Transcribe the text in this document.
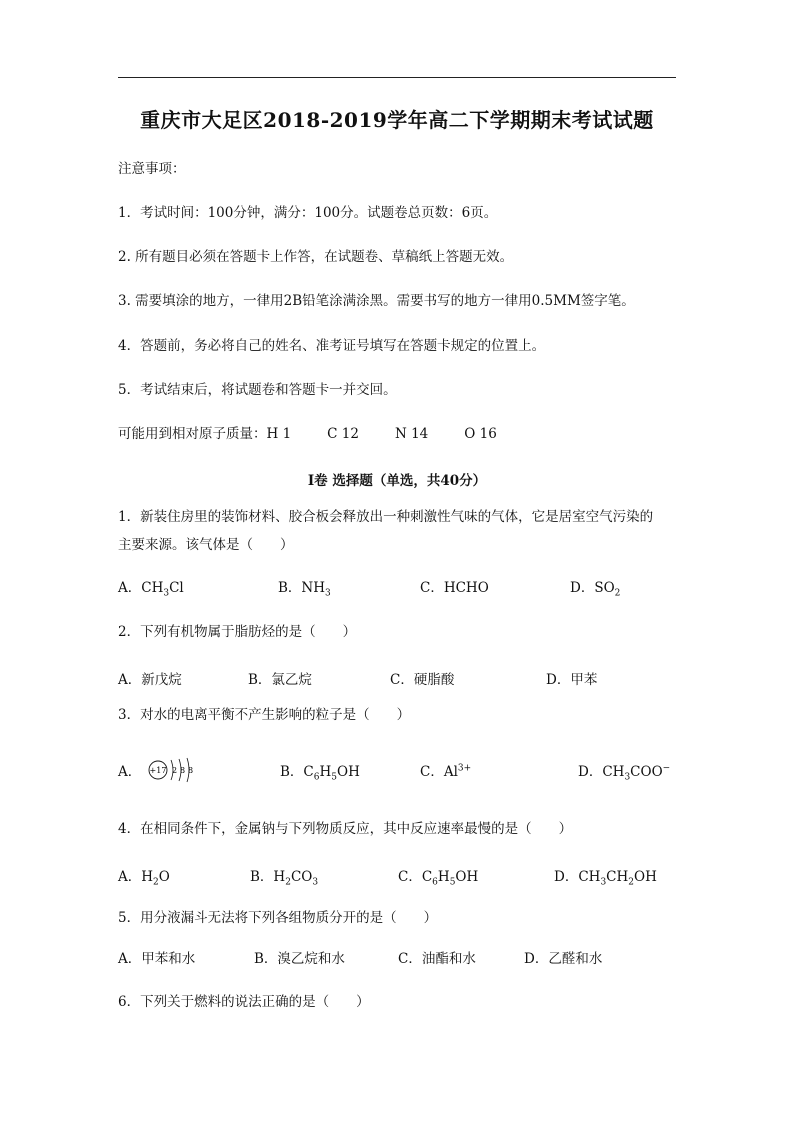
重庆市大足区2018-2019学年高二下学期期末考试试题
注意事项：
1．考试时间：100分钟，满分：100分。试题卷总页数：6页。
2. 所有题目必须在答题卡上作答，在试题卷、草稿纸上答题无效。
3. 需要填涂的地方，一律用2B铅笔涂满涂黑。需要书写的地方一律用0.5MM签字笔。
4．答题前，务必将自己的姓名、准考证号填写在答题卡规定的位置上。
5．考试结束后，将试题卷和答题卡一并交回。
可能用到相对原子质量：H 1	C 12	N 14	O 16
I卷 选择题（单选，共40分）
1．新装住房里的装饰材料、胶合板会释放出一种刺激性气味的气体，它是居室空气污染的
主要来源。该气体是（　　）
A．$CH_3Cl$	B．$NH_3$	C．HCHO	D．$SO_2$
2．下列有机物属于脂肪烃的是（　　）
A．新戊烷	B．氯乙烷	C．硬脂酸	D．甲苯
3．对水的电离平衡不产生影响的粒子是（　　）
A． +17 2 8 8	B．$C_6H_5OH$	C．$Al^{3+}$	D．$CH_3COO^-$
4．在相同条件下，金属钠与下列物质反应，其中反应速率最慢的是（　　）
A．$H_2O$	B．$H_2CO_3$	C．$C_6H_5OH$	D．$CH_3CH_2OH$
5．用分液漏斗无法将下列各组物质分开的是（　　）
A．甲苯和水	B．溴乙烷和水	C．油酯和水	D．乙醛和水
6．下列关于燃料的说法正确的是（　　）
